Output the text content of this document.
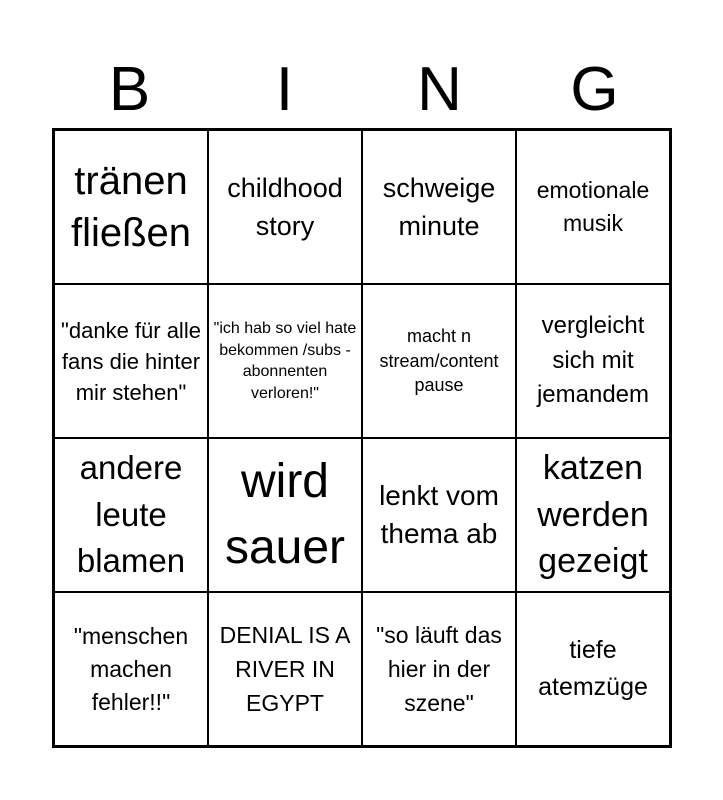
B	I	N	G
tränen fließen
childhood story
schweige minute
emotionale musik
"danke für alle fans die hinter mir stehen"
"ich hab so viel hate bekommen /subs - abonnenten verloren!"
macht n stream/content pause
vergleicht sich mit jemandem
andere leute blamen
wird sauer
lenkt vom thema ab
katzen werden gezeigt
"menschen machen fehler!!"
DENIAL IS A RIVER IN EGYPT
"so läuft das hier in der szene"
tiefe atemzüge
